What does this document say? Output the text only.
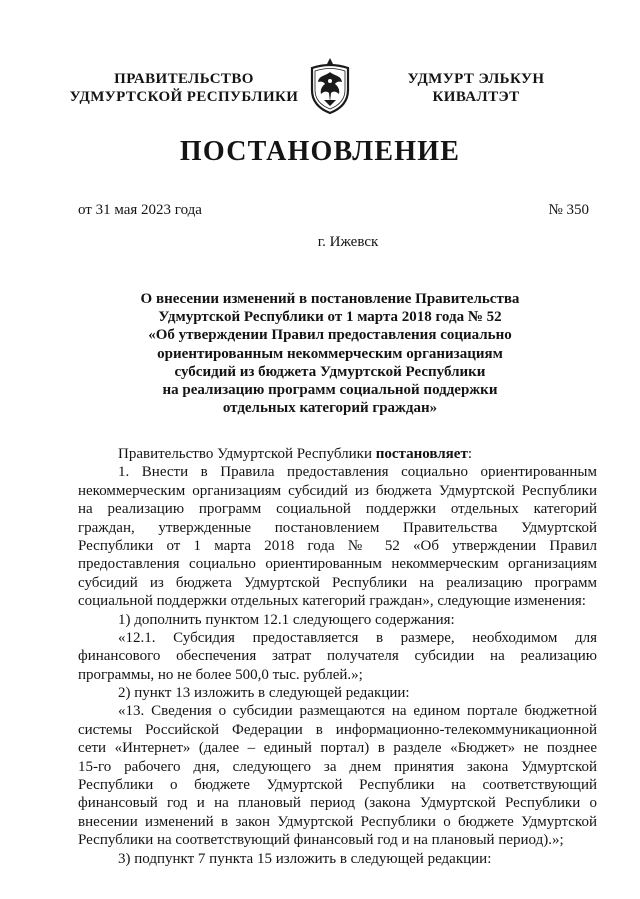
ПРАВИТЕЛЬСТВО
УДМУРТСКОЙ РЕСПУБЛИКИ
УДМУРТ ЭЛЬКУН
КИВАЛТЭТ
ПОСТАНОВЛЕНИЕ
от 31 мая 2023 года	№ 350
г. Ижевск
О внесении изменений в постановление Правительства
Удмуртской Республики от 1 марта 2018 года № 52
«Об утверждении Правил предоставления социально
ориентированным некоммерческим организациям
субсидий из бюджета Удмуртской Республики
на реализацию программ социальной поддержки
отдельных категорий граждан»
Правительство Удмуртской Республики постановляет:
1. Внести в Правила предоставления социально ориентированным
некоммерческим организациям субсидий из бюджета Удмуртской Республики
на реализацию программ социальной поддержки отдельных категорий
граждан, утвержденные постановлением Правительства Удмуртской
Республики от 1 марта 2018 года № 52 «Об утверждении Правил
предоставления социально ориентированным некоммерческим организациям
субсидий из бюджета Удмуртской Республики на реализацию программ
социальной поддержки отдельных категорий граждан», следующие изменения:
1) дополнить пунктом 12.1 следующего содержания:
«12.1. Субсидия предоставляется в размере, необходимом для
финансового обеспечения затрат получателя субсидии на реализацию
программы, но не более 500,0 тыс. рублей.»;
2) пункт 13 изложить в следующей редакции:
«13. Сведения о субсидии размещаются на едином портале бюджетной
системы Российской Федерации в информационно-телекоммуникационной
сети «Интернет» (далее – единый портал) в разделе «Бюджет» не позднее
15-го рабочего дня, следующего за днем принятия закона Удмуртской
Республики о бюджете Удмуртской Республики на соответствующий
финансовый год и на плановый период (закона Удмуртской Республики о
внесении изменений в закон Удмуртской Республики о бюджете Удмуртской
Республики на соответствующий финансовый год и на плановый период).»;
3) подпункт 7 пункта 15 изложить в следующей редакции:
